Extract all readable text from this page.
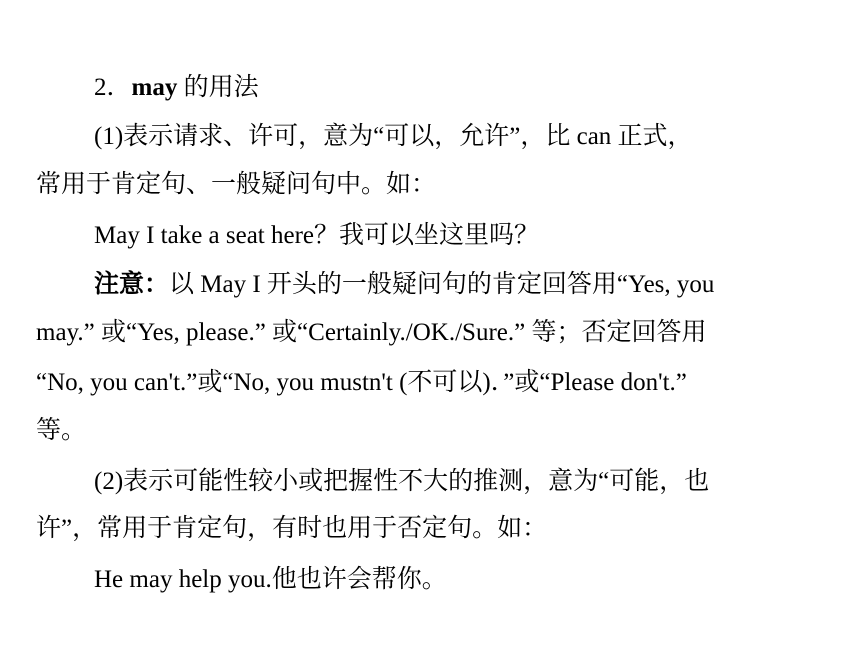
2．may 的用法
(1)表示请求、许可，意为“可以，允许”，比 can 正式，
常用于肯定句、一般疑问句中。如：
May I take a seat here？我可以坐这里吗？
注意：以 May I 开头的一般疑问句的肯定回答用“Yes, you
may.” 或“Yes, please.” 或“Certainly./OK./Sure.” 等；否定回答用
“No, you can't.”或“No, you mustn't (不可以)．”或“Please don't.”
等。
(2)表示可能性较小或把握性不大的推测，意为“可能，也
许”，常用于肯定句，有时也用于否定句。如：
He may help you.他也许会帮你。
